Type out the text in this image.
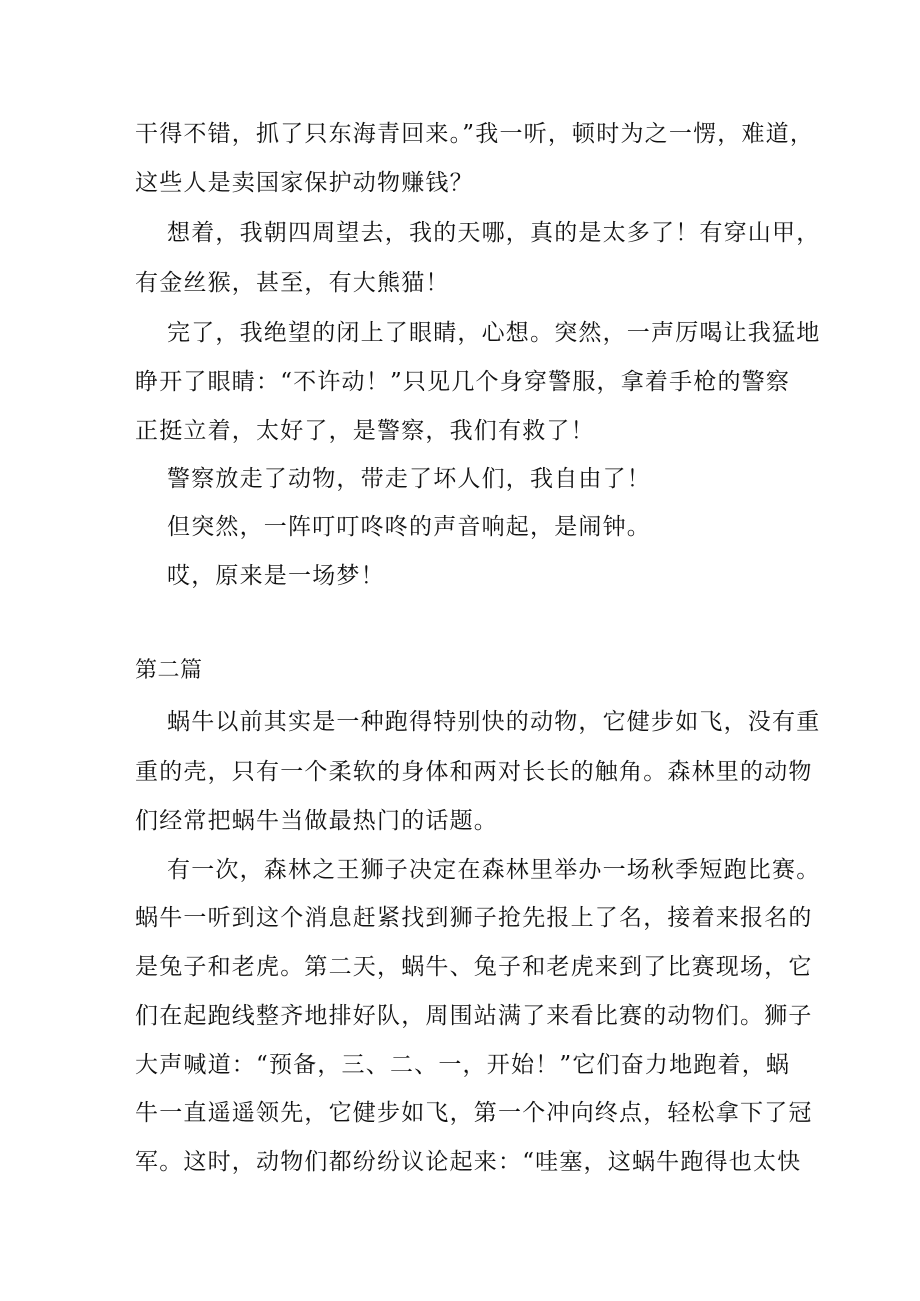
干得不错，抓了只东海青回来。”我一听，顿时为之一愣，难道，
这些人是卖国家保护动物赚钱？
想着，我朝四周望去，我的天哪，真的是太多了！有穿山甲，
有金丝猴，甚至，有大熊猫！
完了，我绝望的闭上了眼睛，心想。突然，一声厉喝让我猛地
睁开了眼睛：“不许动！”只见几个身穿警服，拿着手枪的警察
正挺立着，太好了，是警察，我们有救了！
警察放走了动物，带走了坏人们，我自由了！
但突然，一阵叮叮咚咚的声音响起，是闹钟。
哎，原来是一场梦！
第二篇
蜗牛以前其实是一种跑得特别快的动物，它健步如飞，没有重
重的壳，只有一个柔软的身体和两对长长的触角。森林里的动物
们经常把蜗牛当做最热门的话题。
有一次，森林之王狮子决定在森林里举办一场秋季短跑比赛。
蜗牛一听到这个消息赶紧找到狮子抢先报上了名，接着来报名的
是兔子和老虎。第二天，蜗牛、兔子和老虎来到了比赛现场，它
们在起跑线整齐地排好队，周围站满了来看比赛的动物们。狮子
大声喊道：“预备，三、二、一，开始！”它们奋力地跑着，蜗
牛一直遥遥领先，它健步如飞，第一个冲向终点，轻松拿下了冠
军。这时，动物们都纷纷议论起来：“哇塞，这蜗牛跑得也太快
